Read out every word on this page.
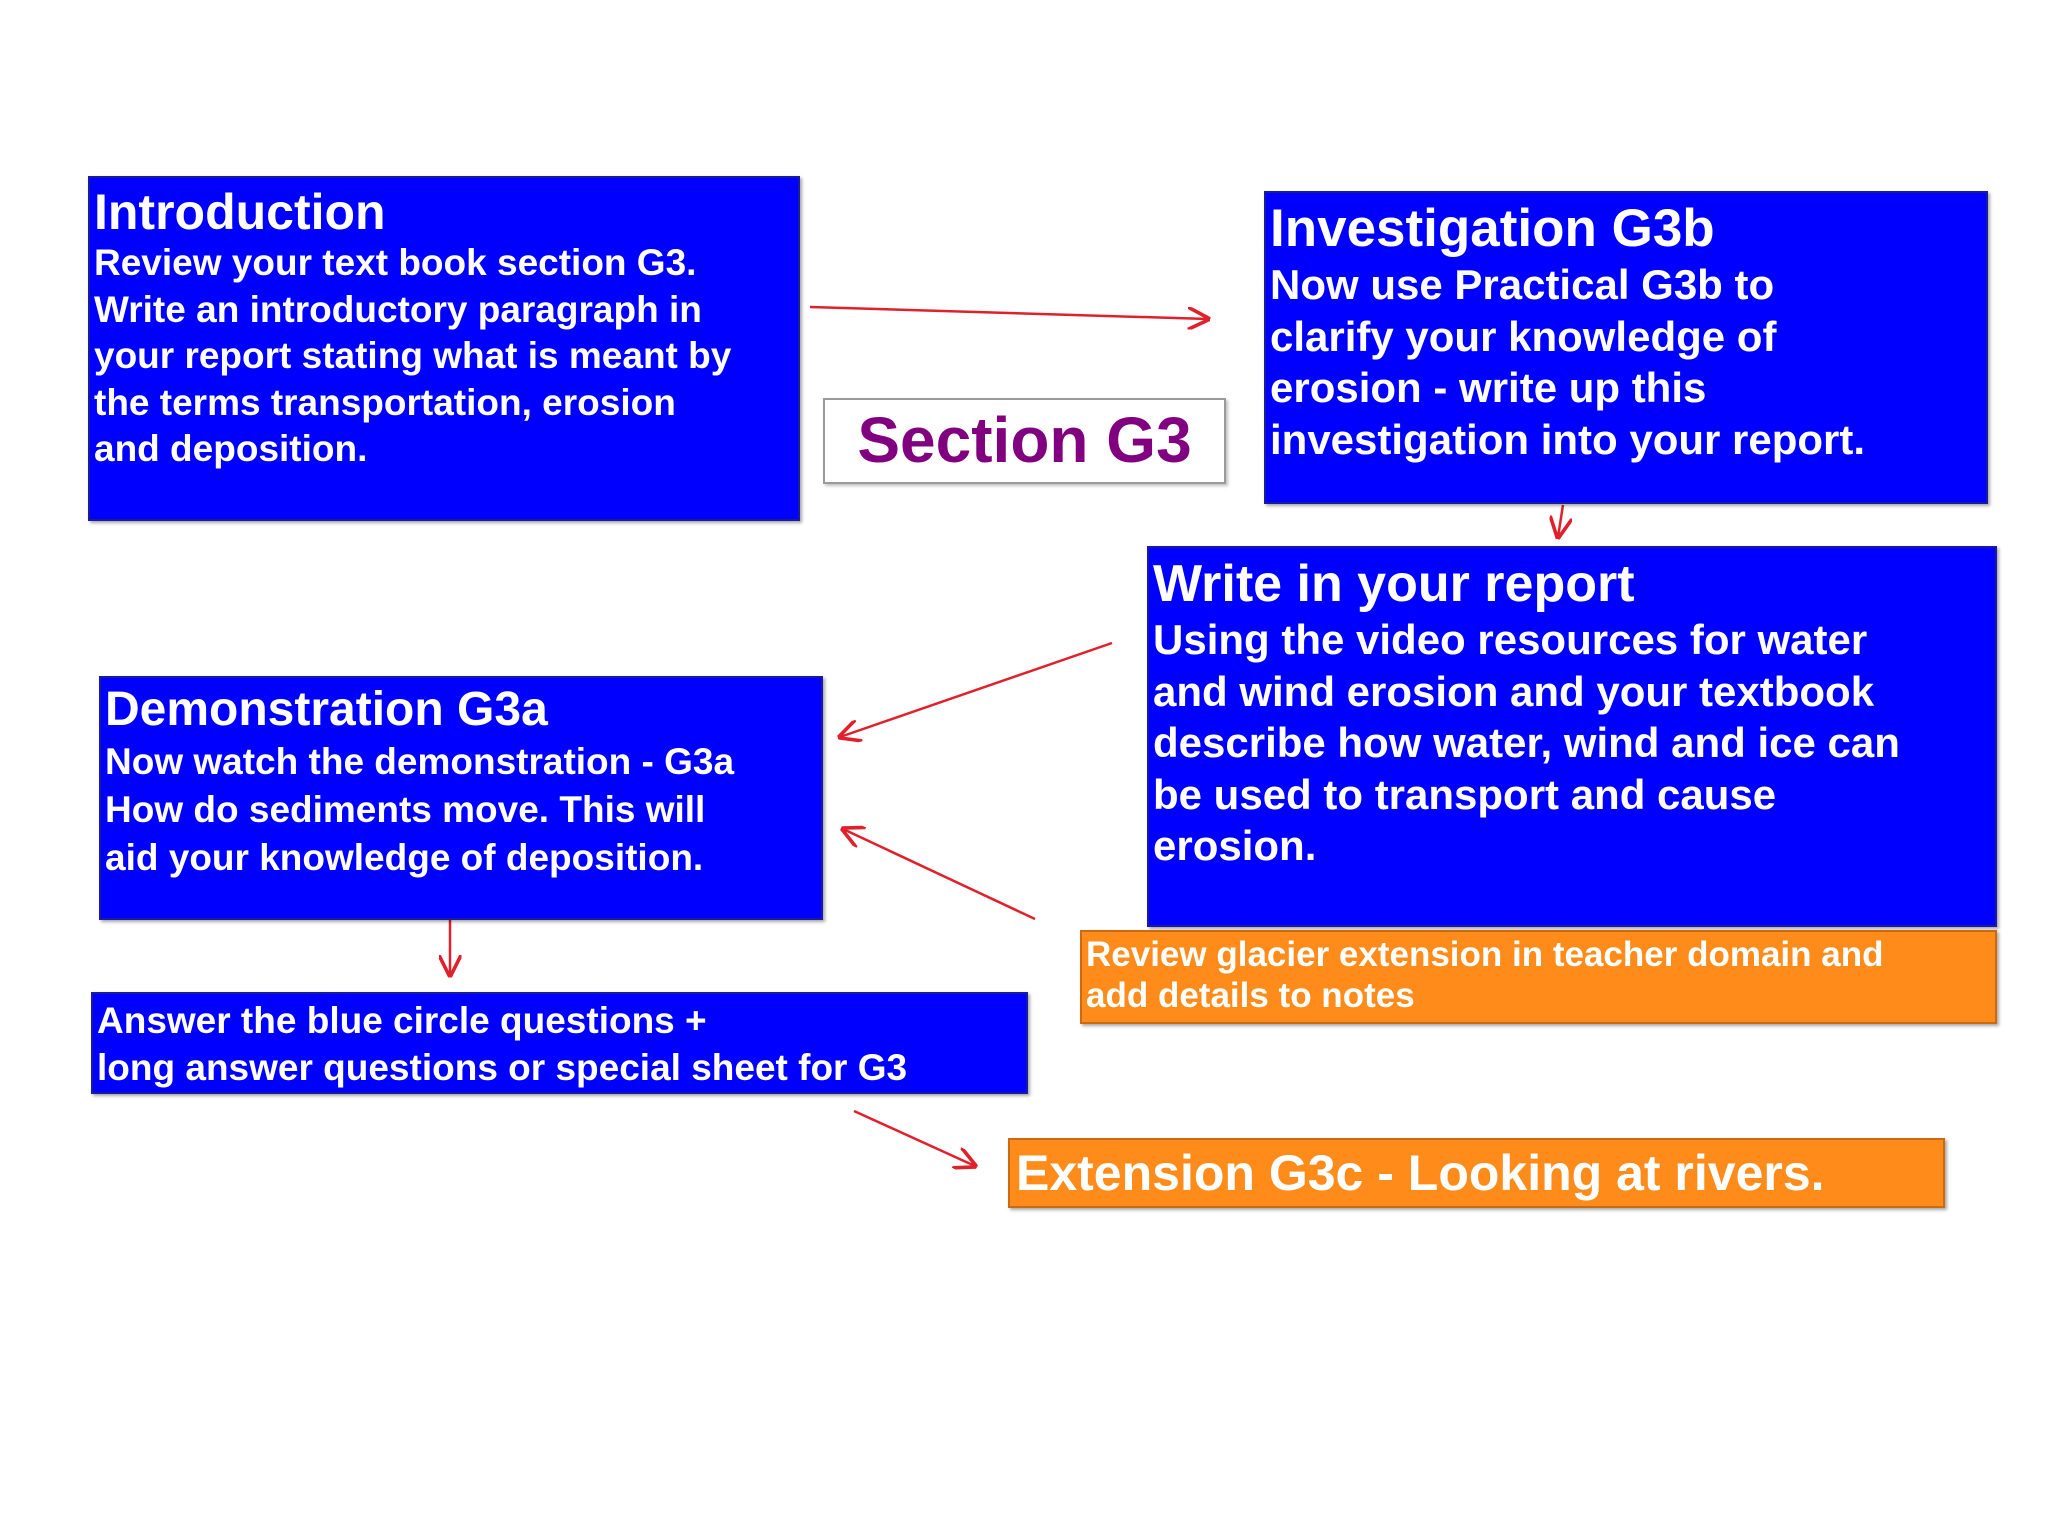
Introduction
Review your text book section G3.
Write an introductory paragraph in
your report stating what is meant by
the terms transportation, erosion
and deposition.	Section G3
Investigation G3b
Now use Practical G3b to
clarify your knowledge of
erosion - write up this
investigation into your report.
Write in your report
Using the video resources for water
and wind erosion and your textbook
describe how water, wind and ice can
be used to transport and cause
erosion.
Demonstration G3a
Now watch the demonstration - G3a
How do sediments move. This will
aid your knowledge of deposition.
Review glacier extension in teacher domain and
add details to notes
Answer the blue circle questions +
long answer questions or special sheet for G3
Extension G3c - Looking at rivers.
